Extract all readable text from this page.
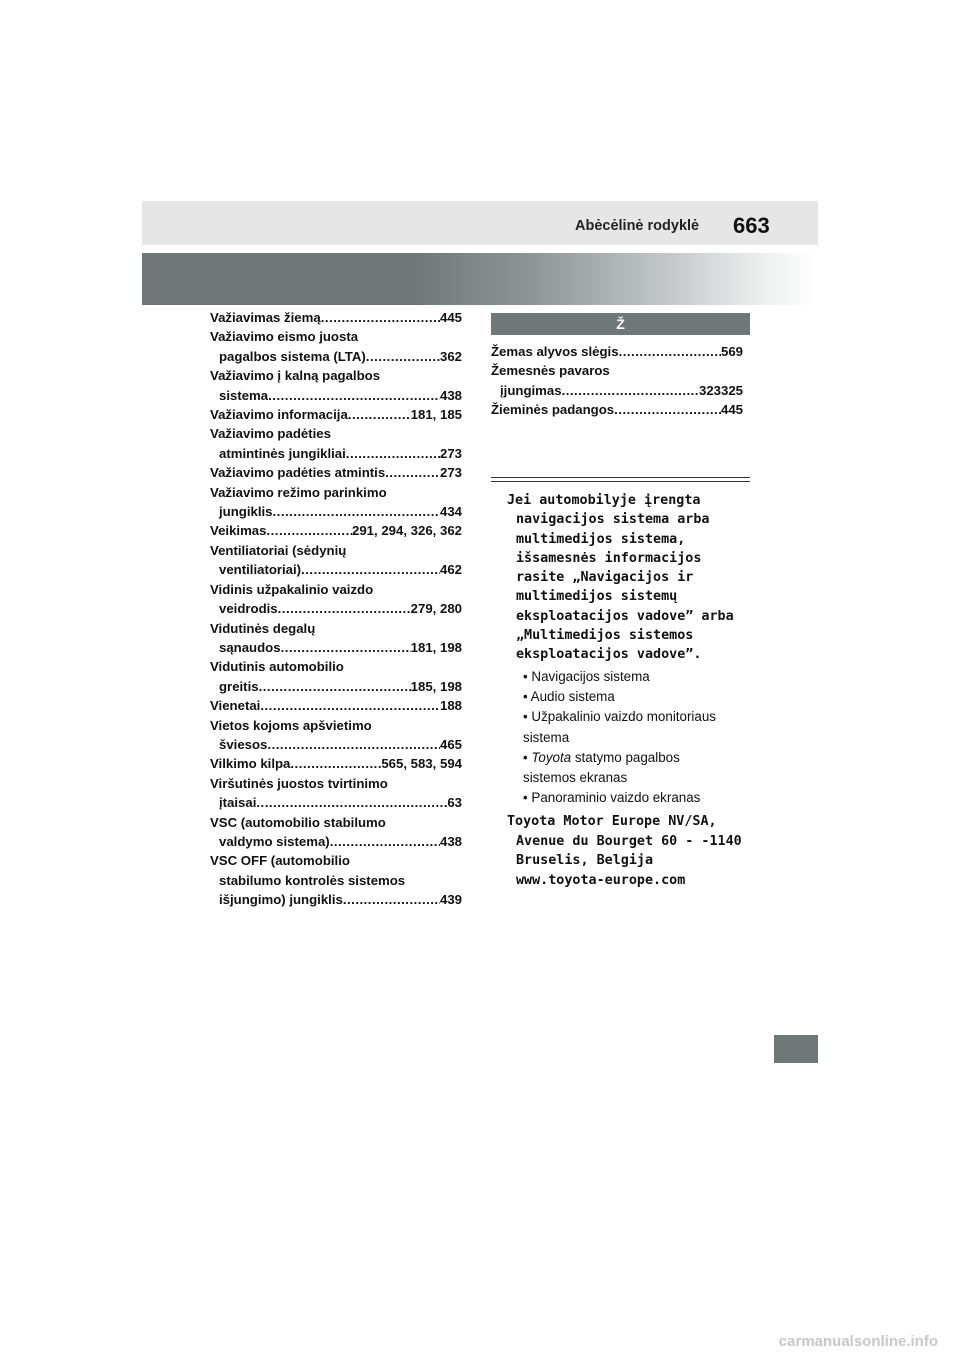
Abėcėlinė rodyklė 663
Važiavimas žiemą .....	445
Važiavimo eismo juosta
pagalbos sistema (LTA) .....	362
Važiavimo į kalną pagalbos
sistema .....	438
Važiavimo informacija .....	181, 185
Važiavimo padėties
atmintinės jungikliai .....	273
Važiavimo padėties atmintis .....	273
Važiavimo režimo parinkimo
jungiklis .....	434
Veikimas .....	291, 294, 326, 362
Ventiliatoriai (sėdynių
ventiliatoriai) .....	462
Vidinis užpakalinio vaizdo
veidrodis .....	279, 280
Vidutinės degalų
sąnaudos .....	181, 198
Vidutinis automobilio
greitis .....	185, 198
Vienetai .....	188
Vietos kojoms apšvietimo
šviesos .....	465
Vilkimo kilpa .....	565, 583, 594
Viršutinės juostos tvirtinimo
įtaisai .....	63
VSC (automobilio stabilumo
valdymo sistema) .....	438
VSC OFF (automobilio
stabilumo kontrolės sistemos
išjungimo) jungiklis .....	439
Ž
Žemas alyvos slėgis .....	569
Žemesnės pavaros
įjungimas .....	323325
Žieminės padangos .....	445
Jei automobilyje įrengta
navigacijos sistema arba
multimedijos sistema,
išsamesnės informacijos
rasite „Navigacijos ir
multimedijos sistemų
eksploatacijos vadove” arba
„Multimedijos sistemos
eksploatacijos vadove”.
• Navigacijos sistema
• Audio sistema
• Užpakalinio vaizdo monitoriaus
sistema
• Toyota statymo pagalbos
sistemos ekranas
• Panoraminio vaizdo ekranas
Toyota Motor Europe NV/SA,
Avenue du Bourget 60 - -1140
Bruselis, Belgija
www.toyota-europe.com
carmanualsonline.info
